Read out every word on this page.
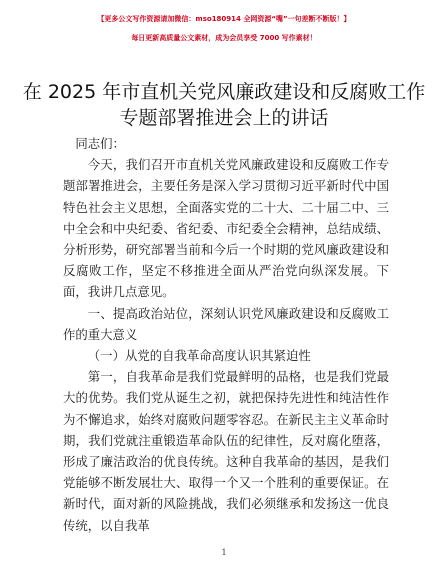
【更多公文写作资源请加微信：mso180914 全网资源“嘴”一句差断不断版！】
每日更新高质量公文素材，成为会员享受 7000 写作素材！
在 2025 年市直机关党风廉政建设和反腐败工作
专题部署推进会上的讲话

同志们：

今天，我们召开市直机关党风廉政建设和反腐败工作专题部署推进会，主要任务是深入学习贯彻习近平新时代中国特色社会主义思想，全面落实党的二十大、二十届二中、三中全会和中央纪委、省纪委、市纪委全会精神，总结成绩、分析形势，研究部署当前和今后一个时期的党风廉政建设和反腐败工作，坚定不移推进全面从严治党向纵深发展。下面，我讲几点意见。

一、提高政治站位，深刻认识党风廉政建设和反腐败工作的重大意义

（一）从党的自我革命高度认识其紧迫性

第一，自我革命是我们党最鲜明的品格，也是我们党最大的优势。我们党从诞生之初，就把保持先进性和纯洁性作为不懈追求，始终对腐败问题零容忍。在新民主主义革命时期，我们党就注重锻造革命队伍的纪律性，反对腐化堕落，形成了廉洁政治的优良传统。这种自我革命的基因，是我们党能够不断发展壮大、取得一个又一个胜利的重要保证。在新时代，面对新的风险挑战，我们必须继承和发扬这一优良传统，以自我革

1
